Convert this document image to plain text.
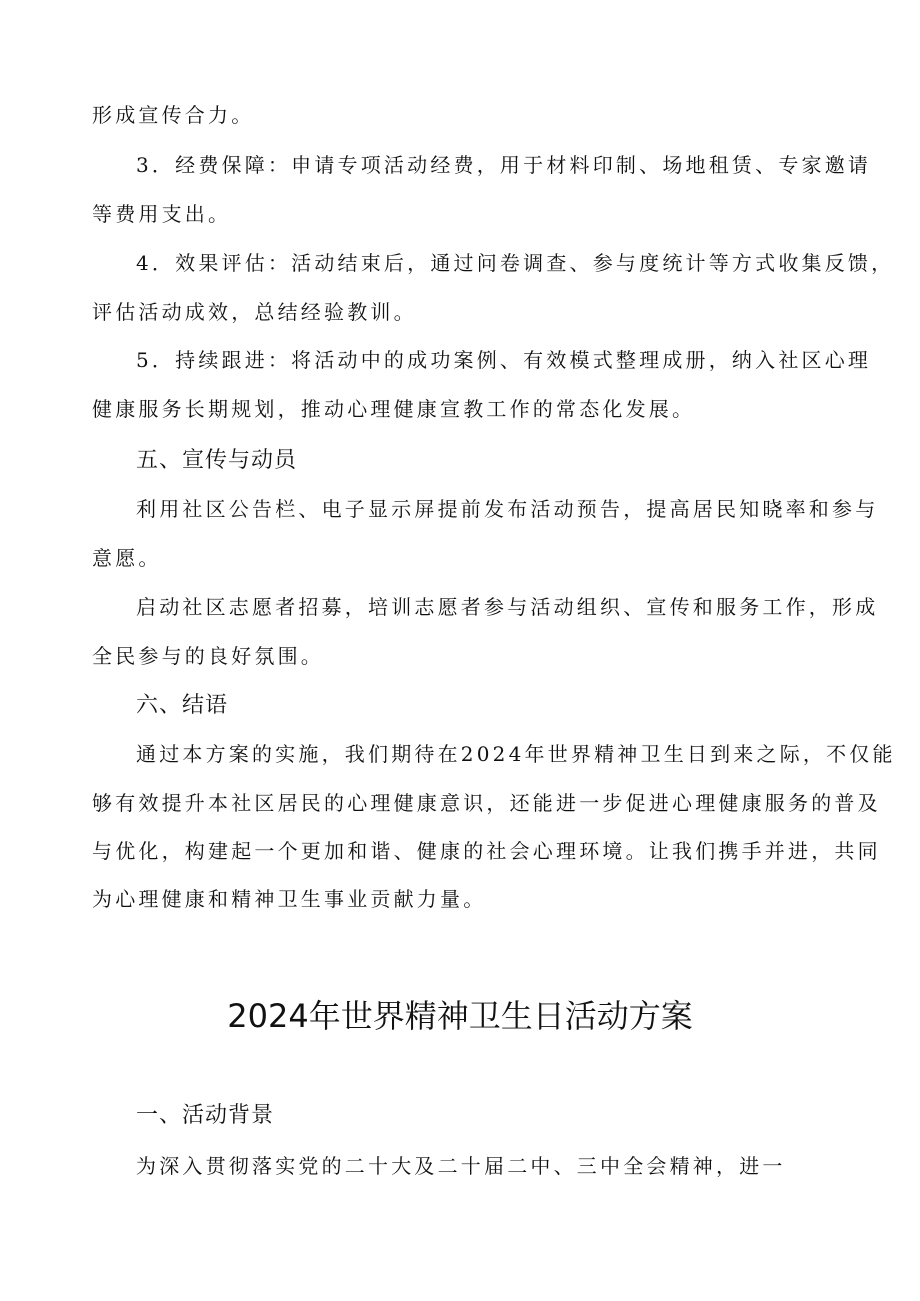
形成宣传合力。
3．经费保障：申请专项活动经费，用于材料印制、场地租赁、专家邀请
等费用支出。
4．效果评估：活动结束后，通过问卷调查、参与度统计等方式收集反馈，
评估活动成效，总结经验教训。
5．持续跟进：将活动中的成功案例、有效模式整理成册，纳入社区心理
健康服务长期规划，推动心理健康宣教工作的常态化发展。
五、宣传与动员
利用社区公告栏、电子显示屏提前发布活动预告，提高居民知晓率和参与
意愿。
启动社区志愿者招募，培训志愿者参与活动组织、宣传和服务工作，形成
全民参与的良好氛围。
六、结语
通过本方案的实施，我们期待在2024年世界精神卫生日到来之际，不仅能
够有效提升本社区居民的心理健康意识，还能进一步促进心理健康服务的普及
与优化，构建起一个更加和谐、健康的社会心理环境。让我们携手并进，共同
为心理健康和精神卫生事业贡献力量。
2024年世界精神卫生日活动方案
一、活动背景
为深入贯彻落实党的二十大及二十届二中、三中全会精神，进一
